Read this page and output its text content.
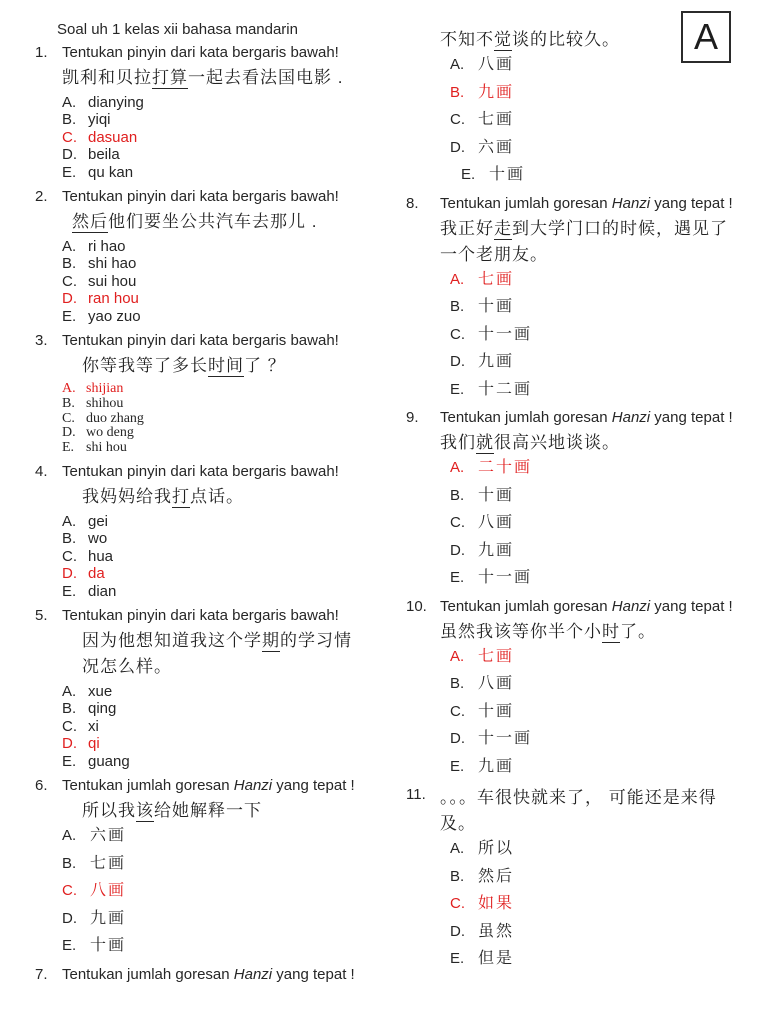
A

Soal uh 1 kelas xii bahasa mandarin

1. Tentukan pinyin dari kata bergaris bawah!
凯利和贝拉打算一起去看法国电影 .
A. dianying
B. yiqi
C. dasuan
D. beila
E. qu kan
2. Tentukan pinyin dari kata bergaris bawah!
然后他们要坐公共汽车去那儿 .
A. ri hao
B. shi hao
C. sui hou
D. ran hou
E. yao zuo
3. Tentukan pinyin dari kata bergaris bawah!
你等我等了多长时间了 ？
A. shijian
B. shihou
C. duo zhang
D. wo deng
E. shi hou
4. Tentukan pinyin dari kata bergaris bawah!
我妈妈给我打点话。
A. gei
B. wo
C. hua
D. da
E. dian
5. Tentukan pinyin dari kata bergaris bawah!
因为他想知道我这个学期的学习情况怎么样。
A. xue
B. qing
C. xi
D. qi
E. guang
6. Tentukan jumlah goresan Hanzi yang tepat !
所以我该给她解释一下
A. 六画
B. 七画
C. 八画
D. 九画
E. 十画
7. Tentukan jumlah goresan Hanzi yang tepat !
不知不觉谈的比较久。
A. 八画
B. 九画
C. 七画
D. 六画
E. 十画
8.	Tentukan jumlah goresan Hanzi yang tepat !
我正好走到大学门口的时候，遇见了一个老朋友。
A. 七画
B. 十画
C. 十一画
D. 九画
E. 十二画
9.	Tentukan jumlah goresan Hanzi yang tepat !
我们就很高兴地谈谈。
A. 二十画
B. 十画
C. 八画
D. 九画
E. 十一画
10. Tentukan jumlah goresan Hanzi yang tepat !
虽然我该等你半个小时了。
A. 七画
B. 八画
C. 十画
D. 十一画
E. 九画
11. 。。。车很快就来了， 可能还是来得及。
A. 所以
B. 然后
C. 如果
D. 虽然
E. 但是
